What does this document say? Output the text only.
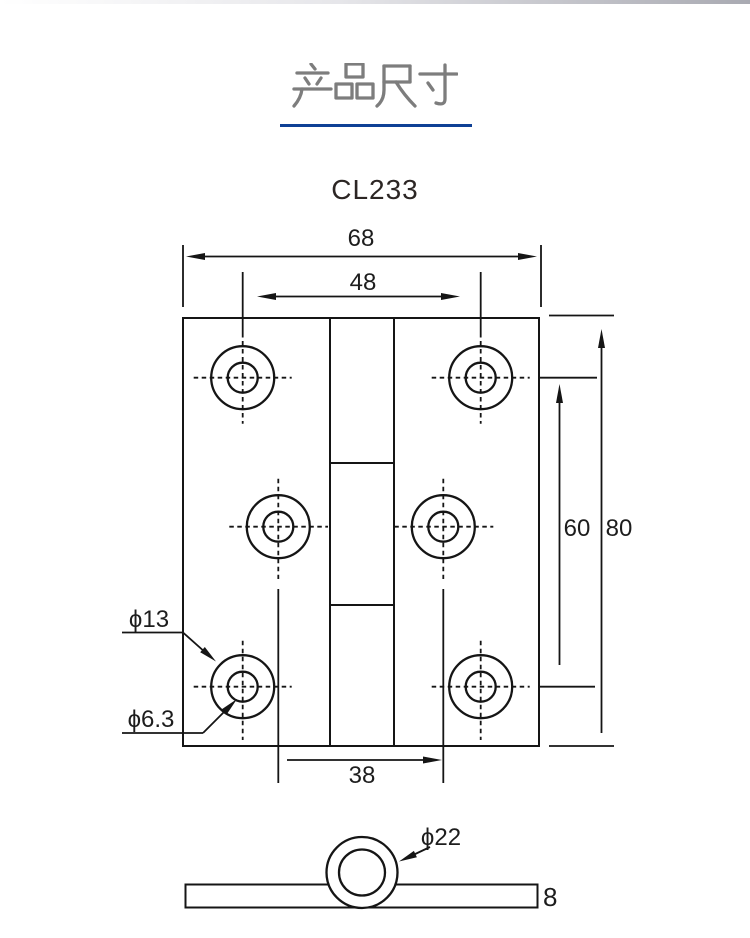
CL233
68
48
60 80
38
ϕ13
ϕ6.3
ϕ22
8
